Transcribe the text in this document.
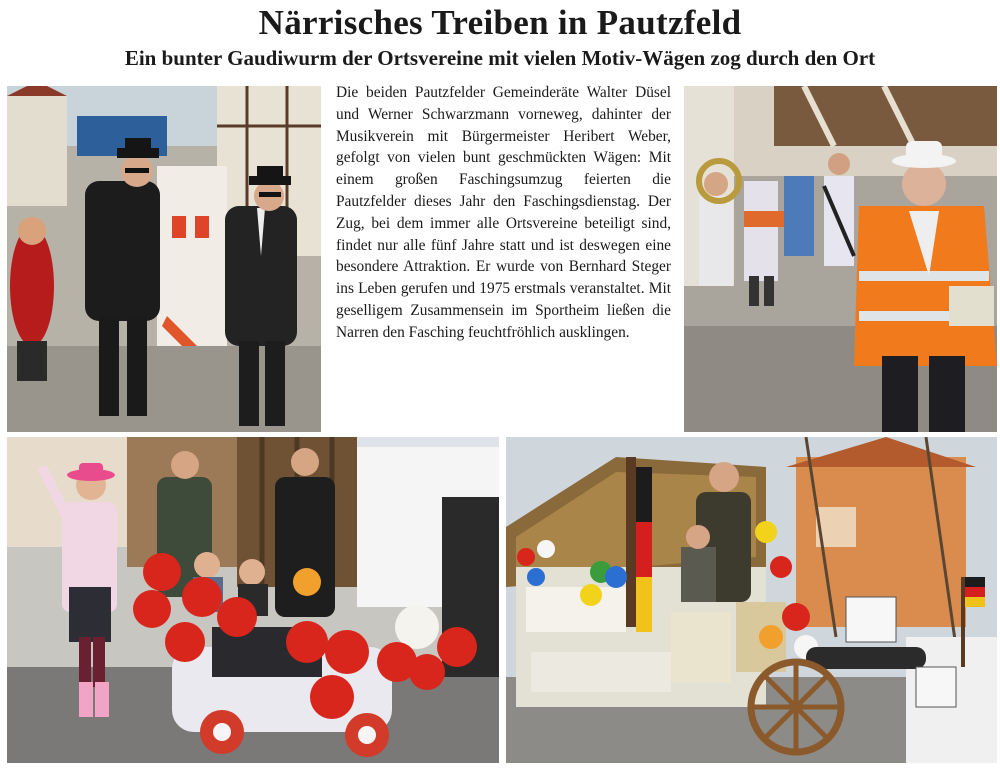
Närrisches Treiben in Pautzfeld
Ein bunter Gaudiwurm der Ortsvereine mit vielen Motiv-Wägen zog durch den Ort

Die beiden Pautzfelder Gemeinderäte Walter Düsel und Werner Schwarzmann vorneweg, dahinter der Musikverein mit Bürgermeister Heribert Weber, gefolgt von vielen bunt geschmückten Wägen: Mit einem großen Faschingsumzug feierten die Pautzfelder dieses Jahr den Faschingsdienstag. Der Zug, bei dem immer alle Ortsvereine beteiligt sind, findet nur alle fünf Jahre statt und ist deswegen eine besondere Attraktion. Er wurde von Bernhard Steger ins Leben gerufen und 1975 erstmals veranstaltet. Mit geselligem Zusammensein im Sportheim ließen die Narren den Fasching feuchtfröhlich ausklingen.
